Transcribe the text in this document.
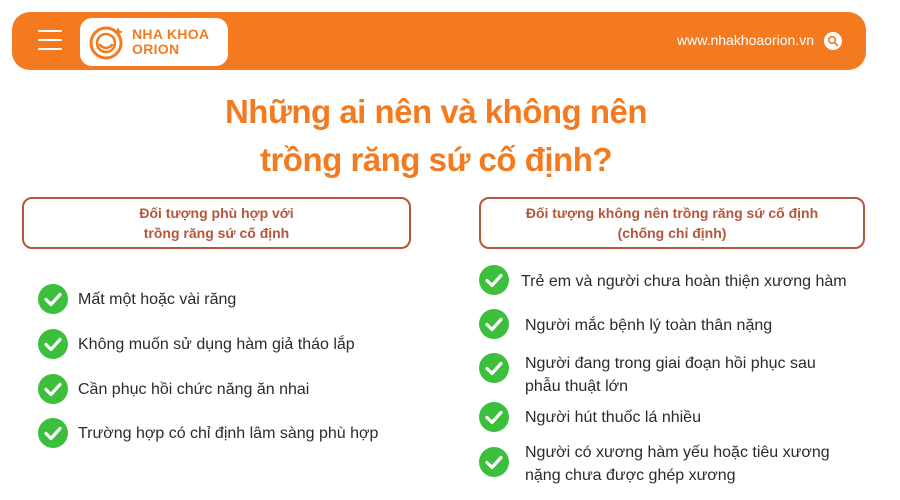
NHA KHOA
ORION
www.nhakhoaorion.vn
Những ai nên và không nên
trồng răng sứ cố định?
Đối tượng phù hợp với
trồng răng sứ cố định
Đối tượng không nên trồng răng sứ cố định
(chống chỉ định)
Mất một hoặc vài răng
Không muốn sử dụng hàm giả tháo lắp
Cần phục hồi chức năng ăn nhai
Trường hợp có chỉ định lâm sàng phù hợp
Trẻ em và người chưa hoàn thiện xương hàm
Người mắc bệnh lý toàn thân nặng
Người đang trong giai đoạn hồi phục sau
phẫu thuật lớn
Người hút thuốc lá nhiều
Người có xương hàm yếu hoặc tiêu xương
nặng chưa được ghép xương
